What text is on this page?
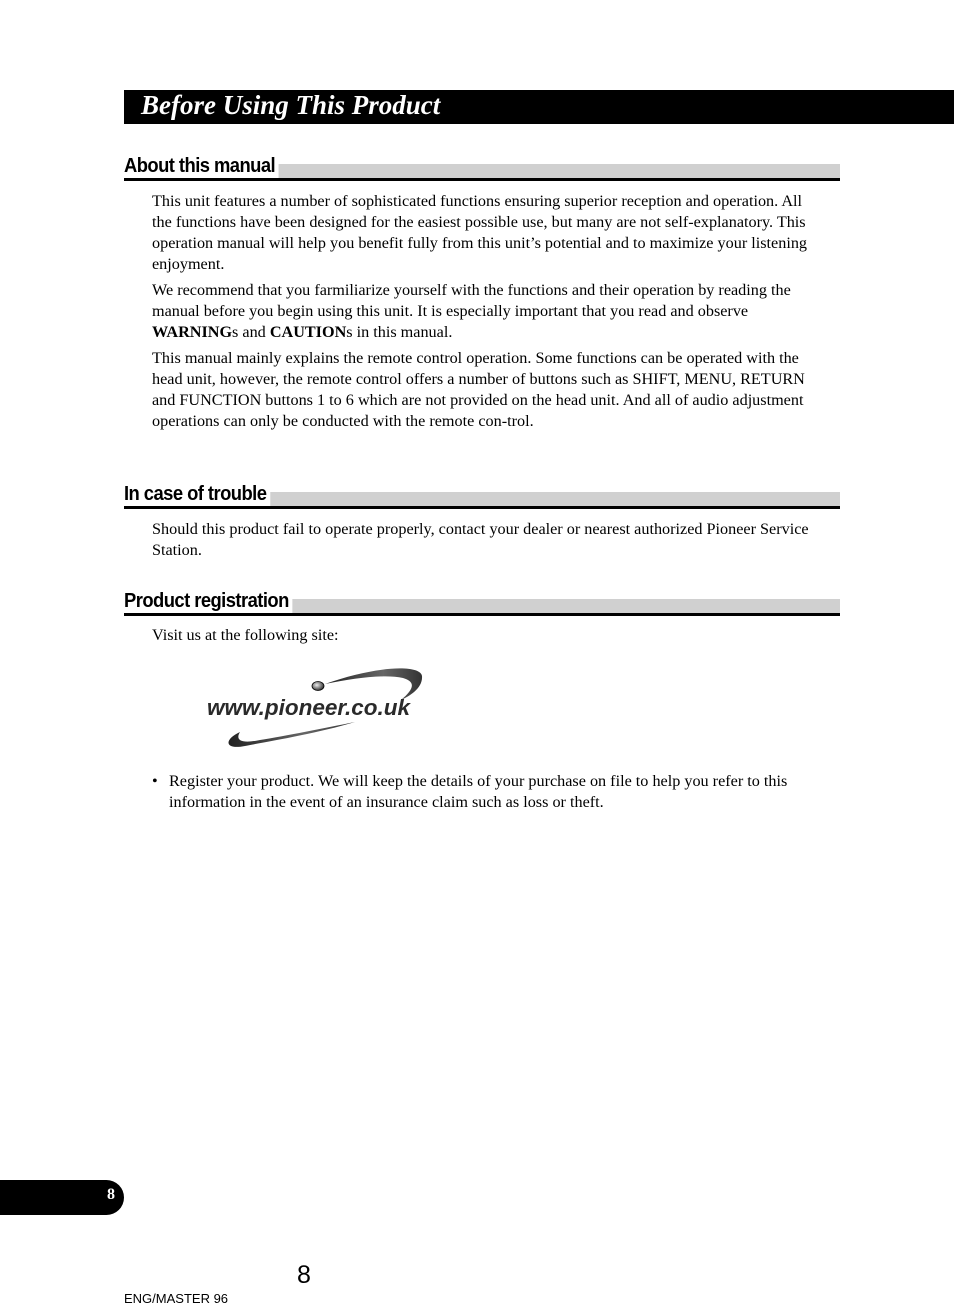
Before Using This Product
About this manual

This unit features a number of sophisticated functions ensuring superior reception and operation. All the functions have been designed for the easiest possible use, but many are not self-explanatory. This operation manual will help you benefit fully from this unit’s potential and to maximize your listening enjoyment.

We recommend that you farmiliarize yourself with the functions and their operation by reading the manual before you begin using this unit. It is especially important that you read and observe WARNINGs and CAUTIONs in this manual.

This manual mainly explains the remote control operation. Some functions can be operated with the head unit, however, the remote control offers a number of buttons such as SHIFT, MENU, RETURN and FUNCTION buttons 1 to 6 which are not provided on the head unit. And all of audio adjustment operations can only be conducted with the remote con-trol.

In case of trouble

Should this product fail to operate properly, contact your dealer or nearest authorized Pioneer Service Station.

Product registration

Visit us at the following site:

www.pioneer.co.uk
• Register your product. We will keep the details of your purchase on file to help you refer to this information in the event of an insurance claim such as loss or theft.
8
8
ENG/MASTER 96
